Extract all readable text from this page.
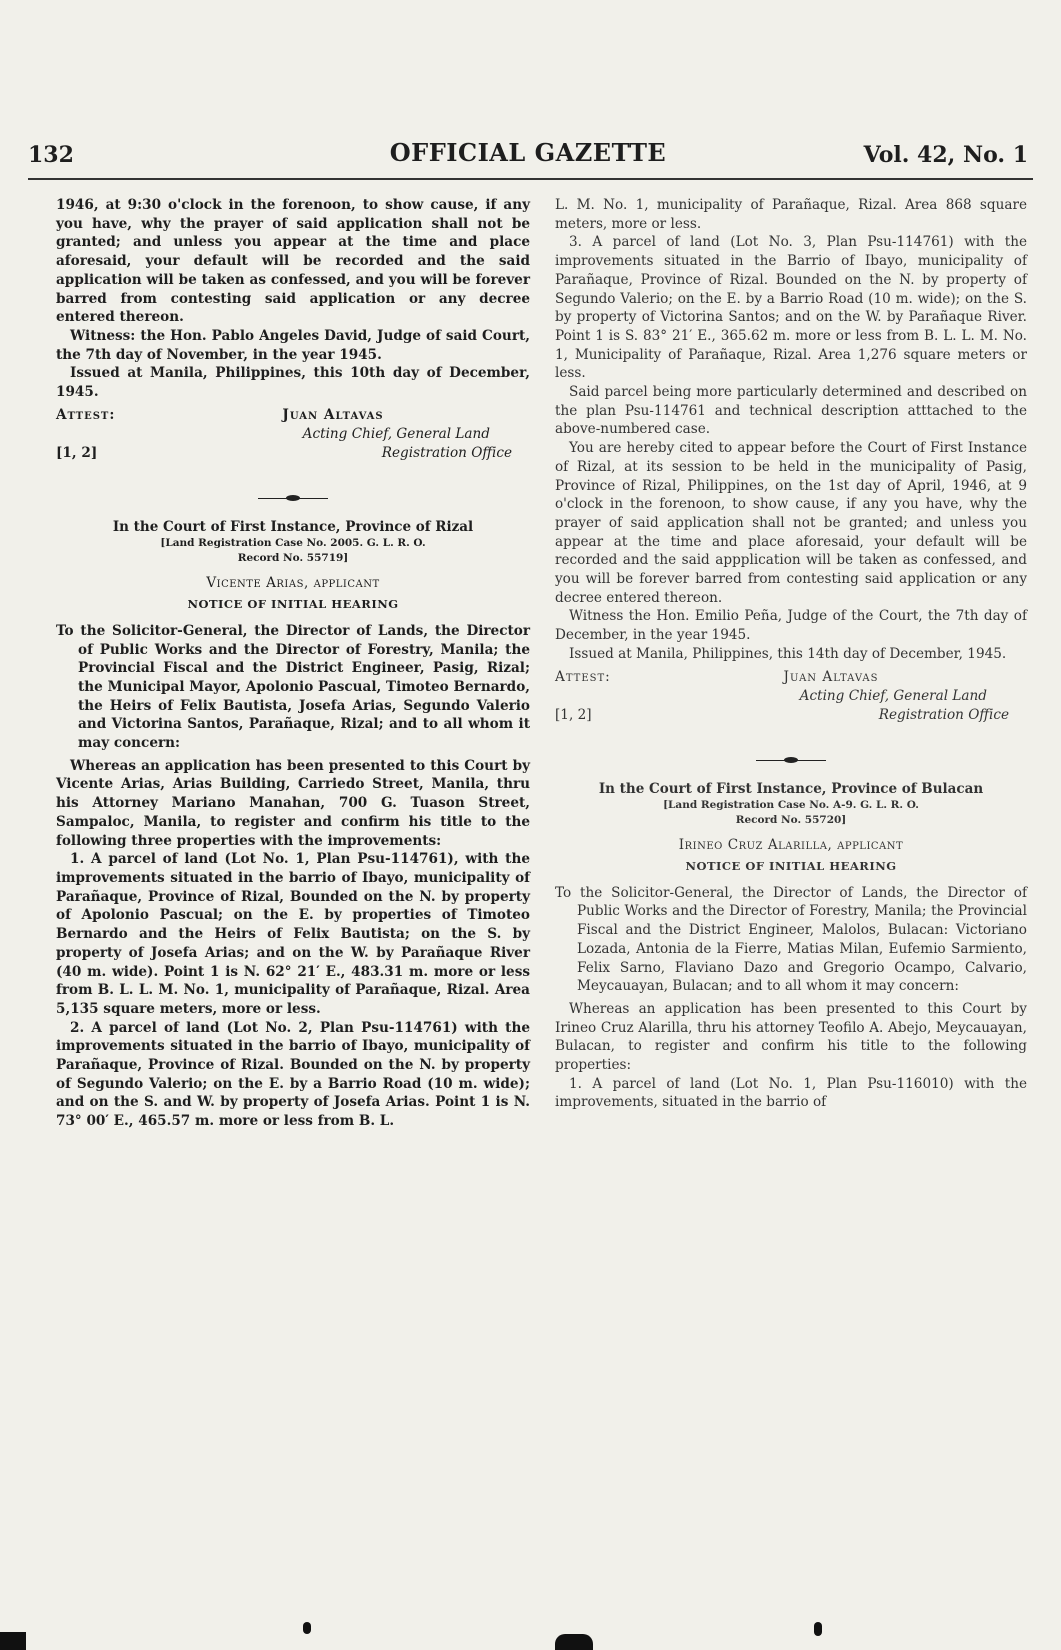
132	OFFICIAL GAZETTE	Vol. 42, No. 1

1946, at 9:30 o'clock in the forenoon, to show cause, if any you have, why the prayer of said application shall not be granted; and unless you appear at the time and place aforesaid, your default will be recorded and the said application will be taken as confessed, and you will be forever barred from contesting said application or any decree entered thereon.

Witness: the Hon. Pablo Angeles David, Judge of said Court, the 7th day of November, in the year 1945.

Issued at Manila, Philippines, this 10th day of December, 1945.

Attest:	Juan Altavas
Acting Chief, General Land
Registration Office
[1, 2]
In the Court of First Instance, Province of Rizal
[Land Registration Case No. 2005. G. L. R. O.
Record No. 55719]
Vicente Arias, applicant
NOTICE OF INITIAL HEARING

To the Solicitor-General, the Director of Lands, the Director of Public Works and the Director of Forestry, Manila; the Provincial Fiscal and the District Engineer, Pasig, Rizal; the Municipal Mayor, Apolonio Pascual, Timoteo Bernardo, the Heirs of Felix Bautista, Josefa Arias, Segundo Valerio and Victorina Santos, Parañaque, Rizal; and to all whom it may concern:

Whereas an application has been presented to this Court by Vicente Arias, Arias Building, Carriedo Street, Manila, thru his Attorney Mariano Manahan, 700 G. Tuason Street, Sampaloc, Manila, to register and confirm his title to the following three properties with the improvements:

1. A parcel of land (Lot No. 1, Plan Psu-114761), with the improvements situated in the barrio of Ibayo, municipality of Parañaque, Province of Rizal, Bounded on the N. by property of Apolonio Pascual; on the E. by properties of Timoteo Bernardo and the Heirs of Felix Bautista; on the S. by property of Josefa Arias; and on the W. by Parañaque River (40 m. wide). Point 1 is N. 62° 21′ E., 483.31 m. more or less from B. L. L. M. No. 1, municipality of Parañaque, Rizal. Area 5,135 square meters, more or less.

2. A parcel of land (Lot No. 2, Plan Psu-114761) with the improvements situated in the barrio of Ibayo, municipality of Parañaque, Province of Rizal. Bounded on the N. by property of Segundo Valerio; on the E. by a Barrio Road (10 m. wide); and on the S. and W. by property of Josefa Arias. Point 1 is N. 73° 00′ E., 465.57 m. more or less from B. L.

L. M. No. 1, municipality of Parañaque, Rizal. Area 868 square meters, more or less.

3. A parcel of land (Lot No. 3, Plan Psu-114761) with the improvements situated in the Barrio of Ibayo, municipality of Parañaque, Province of Rizal. Bounded on the N. by property of Segundo Valerio; on the E. by a Barrio Road (10 m. wide); on the S. by property of Victorina Santos; and on the W. by Parañaque River. Point 1 is S. 83° 21′ E., 365.62 m. more or less from B. L. L. M. No. 1, Municipality of Parañaque, Rizal. Area 1,276 square meters or less.

Said parcel being more particularly determined and described on the plan Psu-114761 and technical description atttached to the above-numbered case.

You are hereby cited to appear before the Court of First Instance of Rizal, at its session to be held in the municipality of Pasig, Province of Rizal, Philippines, on the 1st day of April, 1946, at 9 o'clock in the forenoon, to show cause, if any you have, why the prayer of said application shall not be granted; and unless you appear at the time and place aforesaid, your default will be recorded and the said appplication will be taken as confessed, and you will be forever barred from contesting said application or any decree entered thereon.

Witness the Hon. Emilio Peña, Judge of the Court, the 7th day of December, in the year 1945.

Issued at Manila, Philippines, this 14th day of December, 1945.

Attest:	Juan Altavas
Acting Chief, General Land
Registration Office
[1, 2]
In the Court of First Instance, Province of Bulacan
[Land Registration Case No. A-9. G. L. R. O.
Record No. 55720]
Irineo Cruz Alarilla, applicant
NOTICE OF INITIAL HEARING

To the Solicitor-General, the Director of Lands, the Director of Public Works and the Director of Forestry, Manila; the Provincial Fiscal and the District Engineer, Malolos, Bulacan: Victoriano Lozada, Antonia de la Fierre, Matias Milan, Eufemio Sarmiento, Felix Sarno, Flaviano Dazo and Gregorio Ocampo, Calvario, Meycauayan, Bulacan; and to all whom it may concern:

Whereas an application has been presented to this Court by Irineo Cruz Alarilla, thru his attorney Teofilo A. Abejo, Meycauayan, Bulacan, to register and confirm his title to the following properties:

1. A parcel of land (Lot No. 1, Plan Psu-116010) with the improvements, situated in the barrio of
